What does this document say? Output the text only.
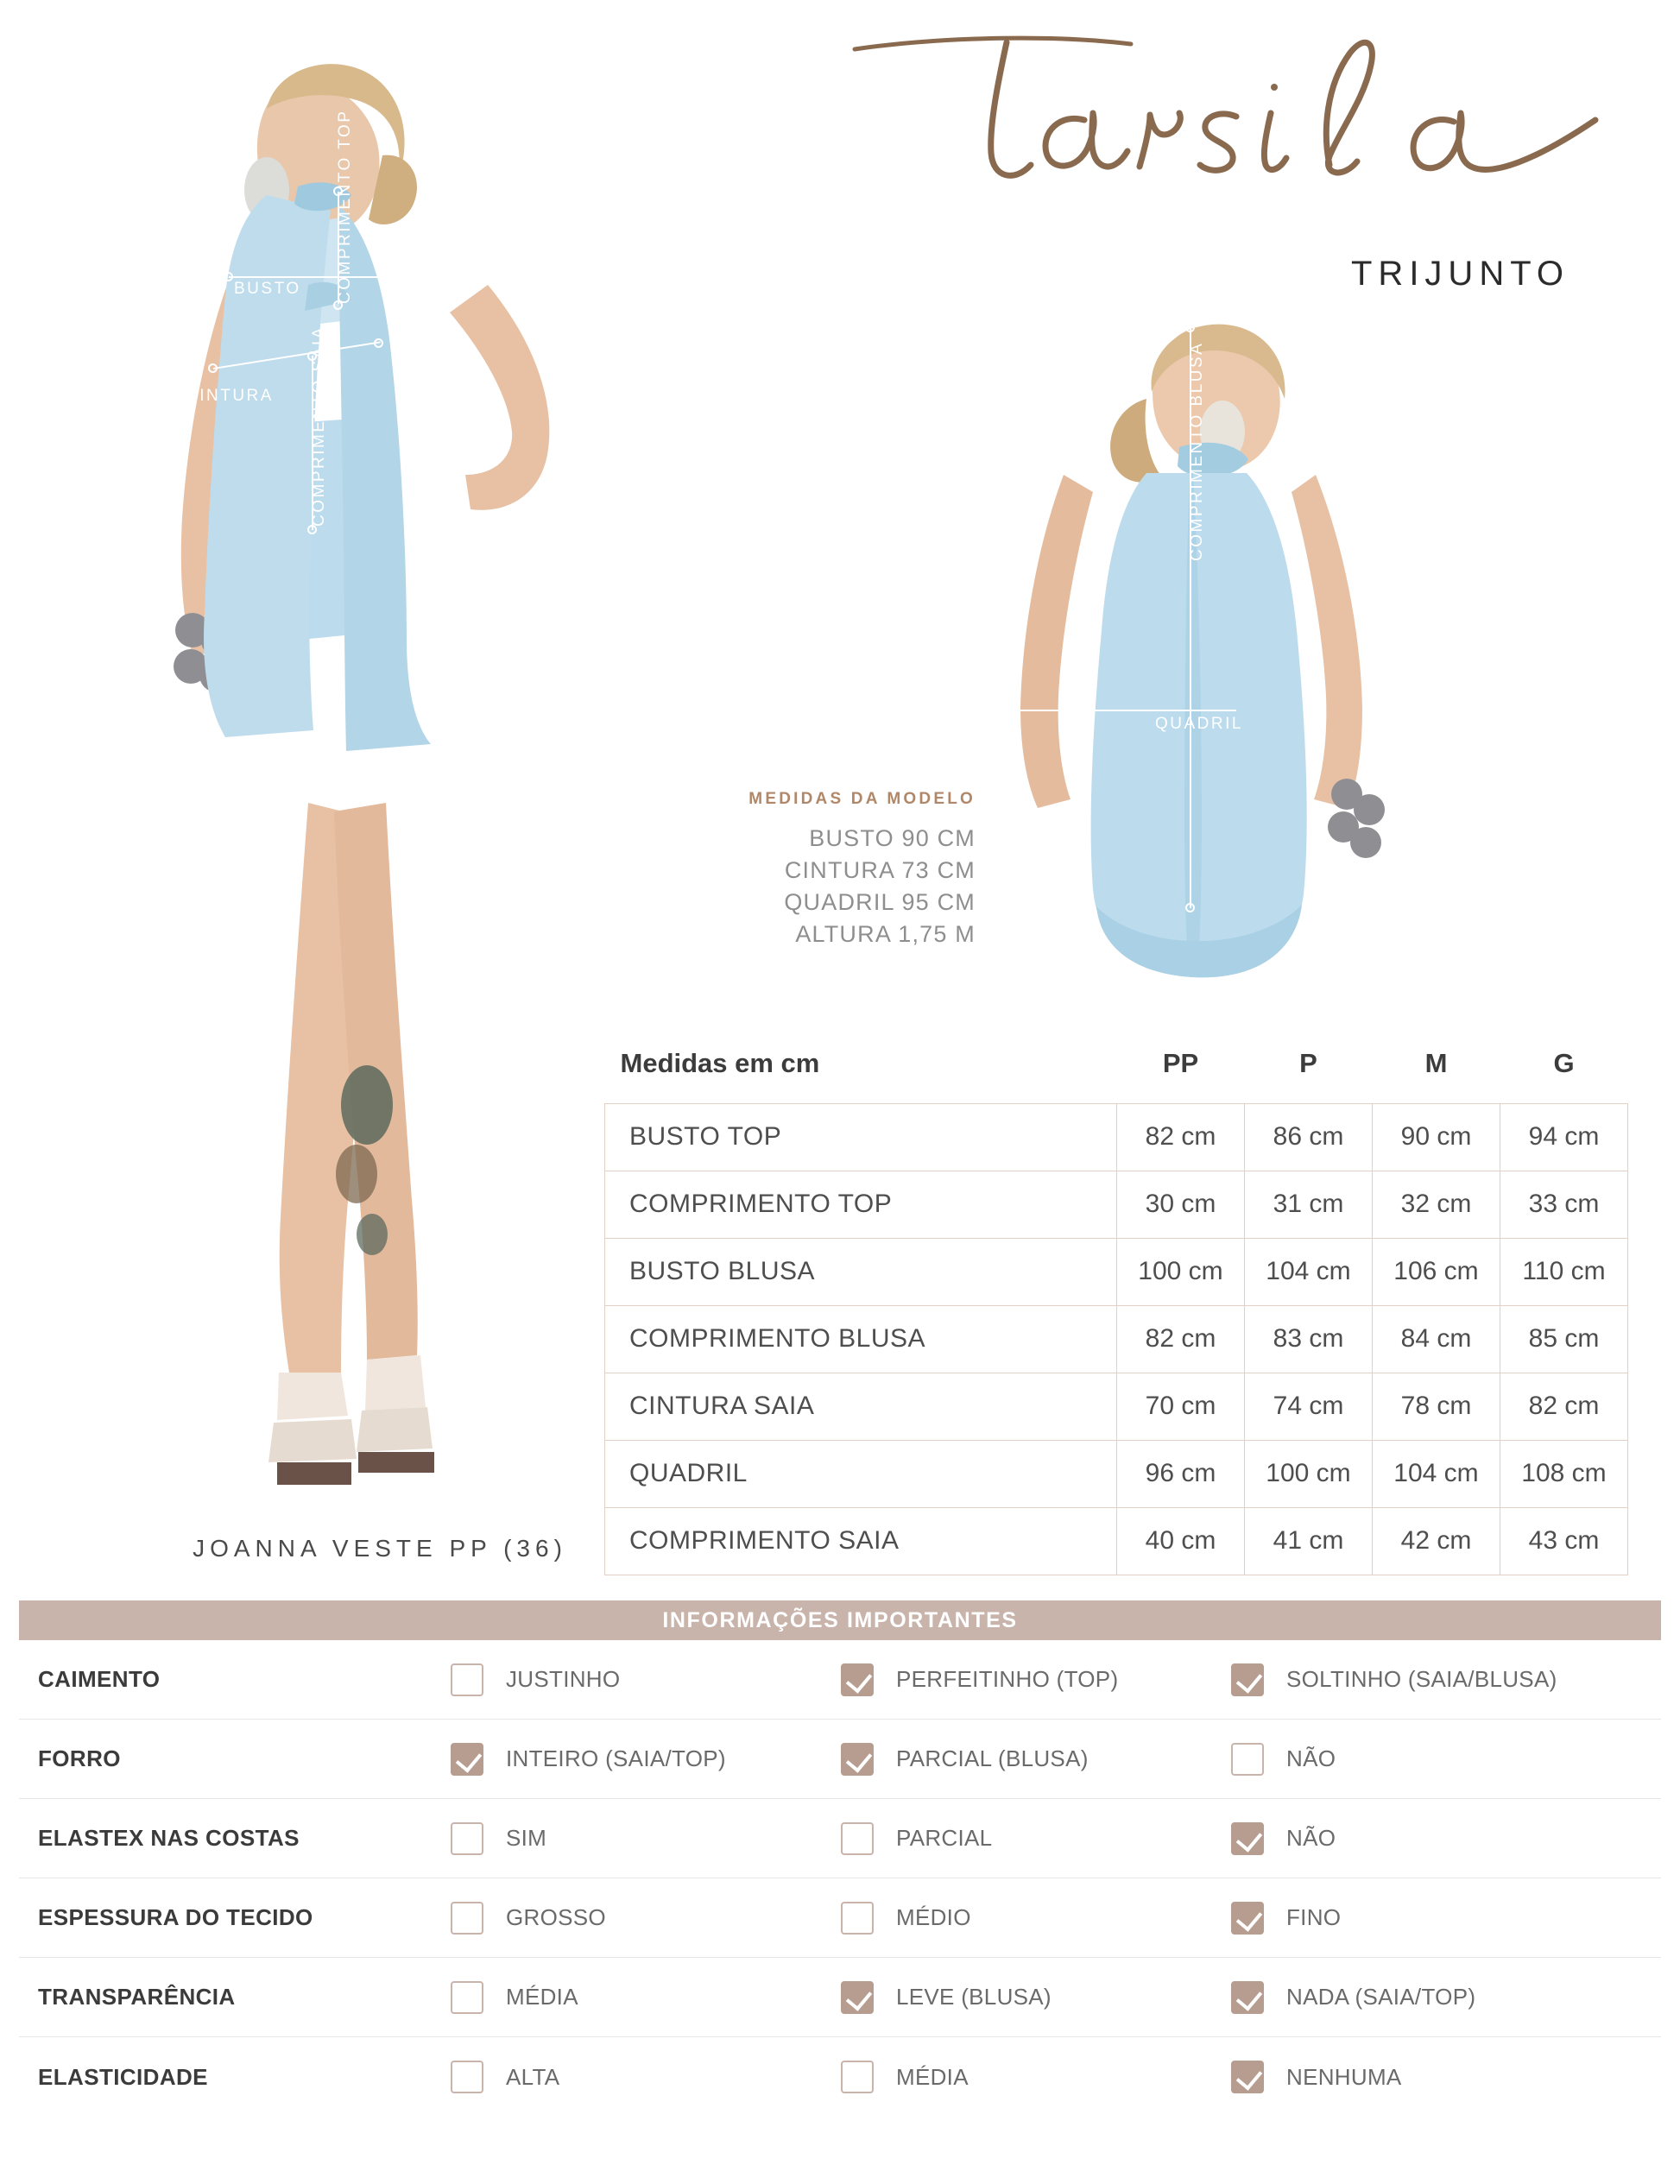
TRIJUNTO
BUSTO
CINTURA
COMPRIMENTO TOP
COMPRIMENTO SAIA	COMPRIMENTO BLUSA
QUADRIL
MEDIDAS DA MODELO
BUSTO 90 CM
CINTURA 73 CM
QUADRIL 95 CM
ALTURA 1,75 M
JOANNA VESTE PP (36)
Medidas em cm	PP	P	M	G
BUSTO TOP	82 cm	86 cm	90 cm	94 cm
COMPRIMENTO TOP	30 cm	31 cm	32 cm	33 cm
BUSTO BLUSA	100 cm	104 cm	106 cm	110 cm
COMPRIMENTO BLUSA	82 cm	83 cm	84 cm	85 cm
CINTURA SAIA	70 cm	74 cm	78 cm	82 cm
QUADRIL	96 cm	100 cm	104 cm	108 cm
COMPRIMENTO SAIA	40 cm	41 cm	42 cm	43 cm
INFORMAÇÕES IMPORTANTES
CAIMENTO	JUSTINHO	PERFEITINHO (TOP)	SOLTINHO (SAIA/BLUSA)
FORRO	INTEIRO (SAIA/TOP)	PARCIAL (BLUSA)	NÃO
ELASTEX NAS COSTAS	SIM	PARCIAL	NÃO
ESPESSURA DO TECIDO	GROSSO	MÉDIO	FINO
TRANSPARÊNCIA	MÉDIA	LEVE (BLUSA)	NADA (SAIA/TOP)
ELASTICIDADE	ALTA	MÉDIA	NENHUMA
